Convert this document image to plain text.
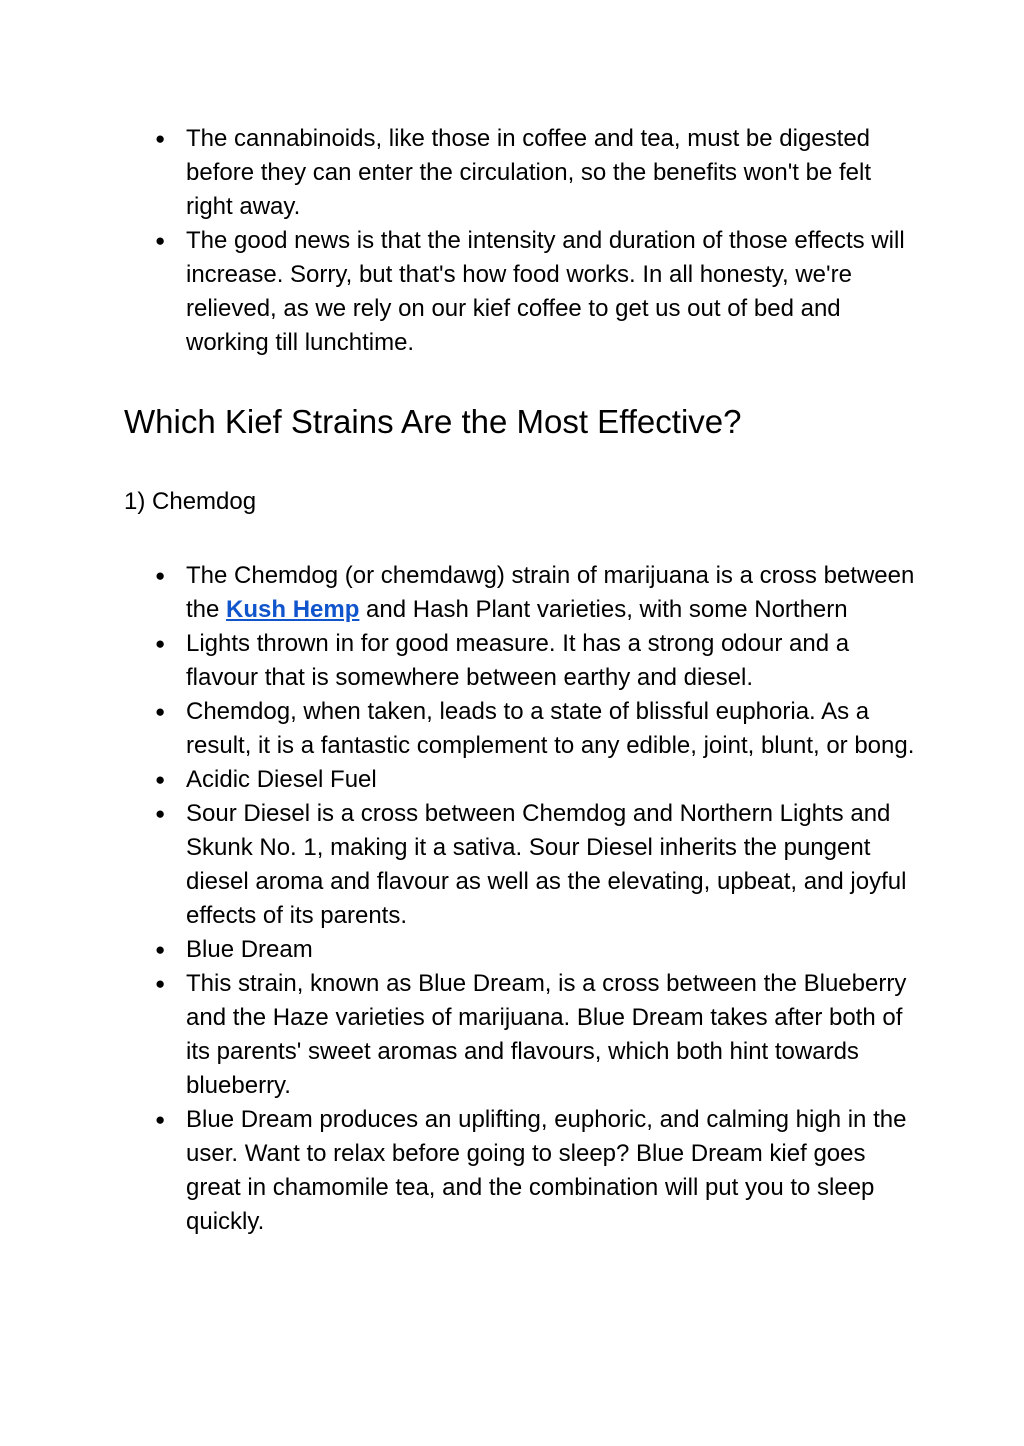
● The cannabinoids, like those in coffee and tea, must be digested before they can enter the circulation, so the benefits won't be felt right away.
● The good news is that the intensity and duration of those effects will increase. Sorry, but that's how food works. In all honesty, we're relieved, as we rely on our kief coffee to get us out of bed and working till lunchtime.
Which Kief Strains Are the Most Effective?

1) Chemdog

● The Chemdog (or chemdawg) strain of marijuana is a cross between the Kush Hemp and Hash Plant varieties, with some Northern
● Lights thrown in for good measure. It has a strong odour and a flavour that is somewhere between earthy and diesel.
● Chemdog, when taken, leads to a state of blissful euphoria. As a result, it is a fantastic complement to any edible, joint, blunt, or bong.
● Acidic Diesel Fuel
● Sour Diesel is a cross between Chemdog and Northern Lights and Skunk No. 1, making it a sativa. Sour Diesel inherits the pungent diesel aroma and flavour as well as the elevating, upbeat, and joyful effects of its parents.
● Blue Dream
● This strain, known as Blue Dream, is a cross between the Blueberry and the Haze varieties of marijuana. Blue Dream takes after both of its parents' sweet aromas and flavours, which both hint towards blueberry.
● Blue Dream produces an uplifting, euphoric, and calming high in the user. Want to relax before going to sleep? Blue Dream kief goes great in chamomile tea, and the combination will put you to sleep quickly.
